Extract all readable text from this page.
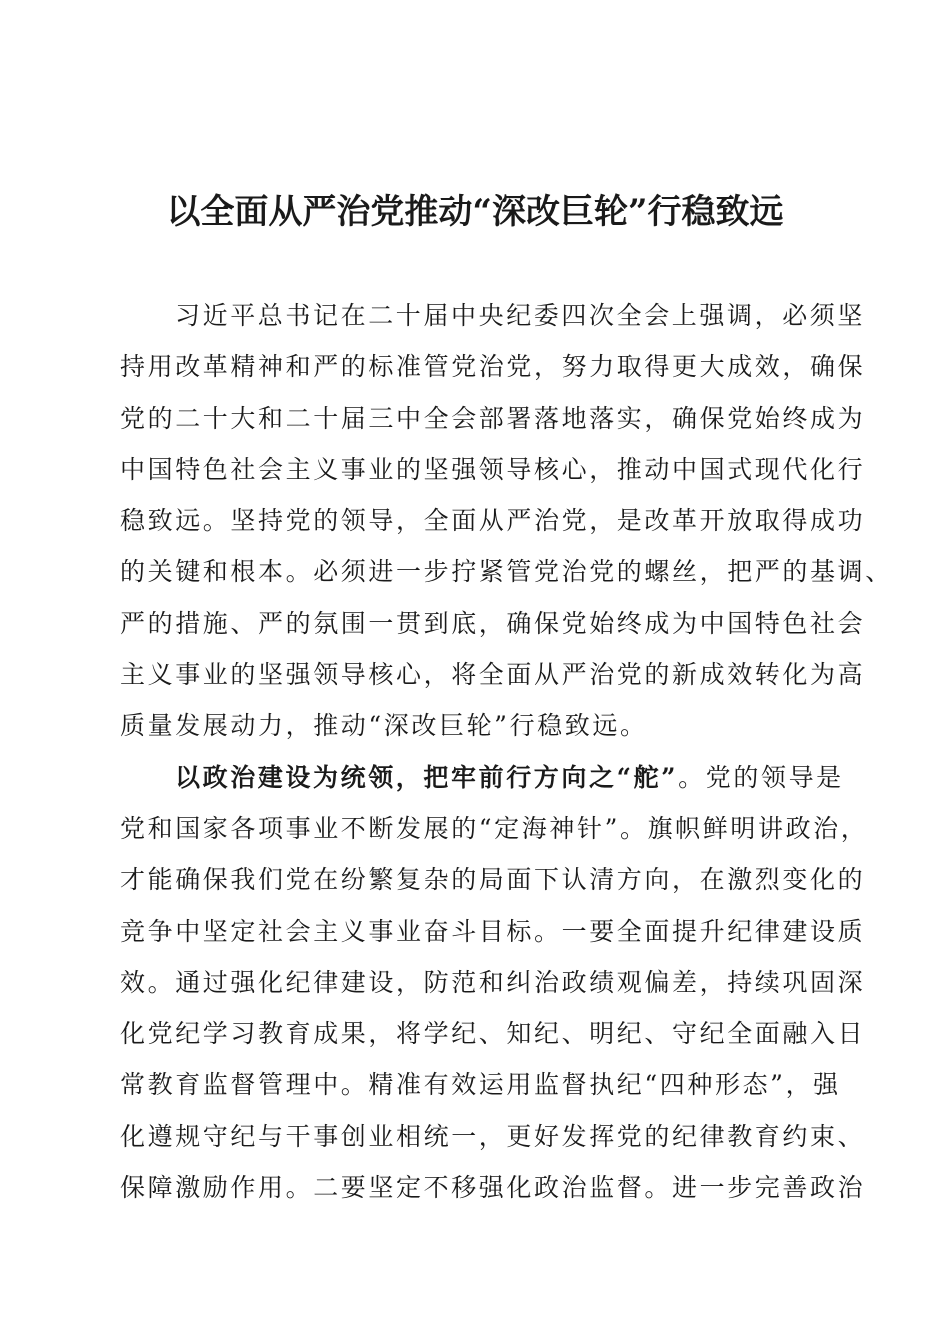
以全面从严治党推动“深改巨轮”行稳致远
习近平总书记在二十届中央纪委四次全会上强调，必须坚
持用改革精神和严的标准管党治党，努力取得更大成效，确保
党的二十大和二十届三中全会部署落地落实，确保党始终成为
中国特色社会主义事业的坚强领导核心，推动中国式现代化行
稳致远。坚持党的领导，全面从严治党，是改革开放取得成功
的关键和根本。必须进一步拧紧管党治党的螺丝，把严的基调、
严的措施、严的氛围一贯到底，确保党始终成为中国特色社会
主义事业的坚强领导核心，将全面从严治党的新成效转化为高
质量发展动力，推动“深改巨轮”行稳致远。
以政治建设为统领，把牢前行方向之“舵”。党的领导是
党和国家各项事业不断发展的“定海神针”。旗帜鲜明讲政治，
才能确保我们党在纷繁复杂的局面下认清方向，在激烈变化的
竞争中坚定社会主义事业奋斗目标。一要全面提升纪律建设质
效。通过强化纪律建设，防范和纠治政绩观偏差，持续巩固深
化党纪学习教育成果，将学纪、知纪、明纪、守纪全面融入日
常教育监督管理中。精准有效运用监督执纪“四种形态”，强
化遵规守纪与干事创业相统一，更好发挥党的纪律教育约束、
保障激励作用。二要坚定不移强化政治监督。进一步完善政治
